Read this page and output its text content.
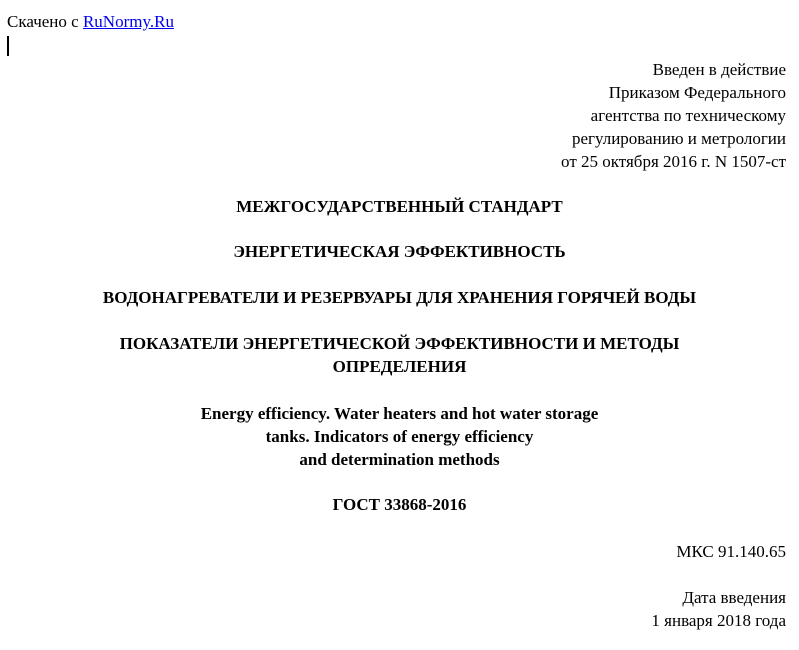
Скачено с RuNormy.Ru
Введен в действие
Приказом Федерального
агентства по техническому
регулированию и метрологии
от 25 октября 2016 г. N 1507-ст
МЕЖГОСУДАРСТВЕННЫЙ СТАНДАРТ
ЭНЕРГЕТИЧЕСКАЯ ЭФФЕКТИВНОСТЬ
ВОДОНАГРЕВАТЕЛИ И РЕЗЕРВУАРЫ ДЛЯ ХРАНЕНИЯ ГОРЯЧЕЙ ВОДЫ
ПОКАЗАТЕЛИ ЭНЕРГЕТИЧЕСКОЙ ЭФФЕКТИВНОСТИ И МЕТОДЫ
ОПРЕДЕЛЕНИЯ
Energy efficiency. Water heaters and hot water storage
tanks. Indicators of energy efficiency
and determination methods
ГОСТ 33868-2016
МКС 91.140.65
Дата введения
1 января 2018 года
